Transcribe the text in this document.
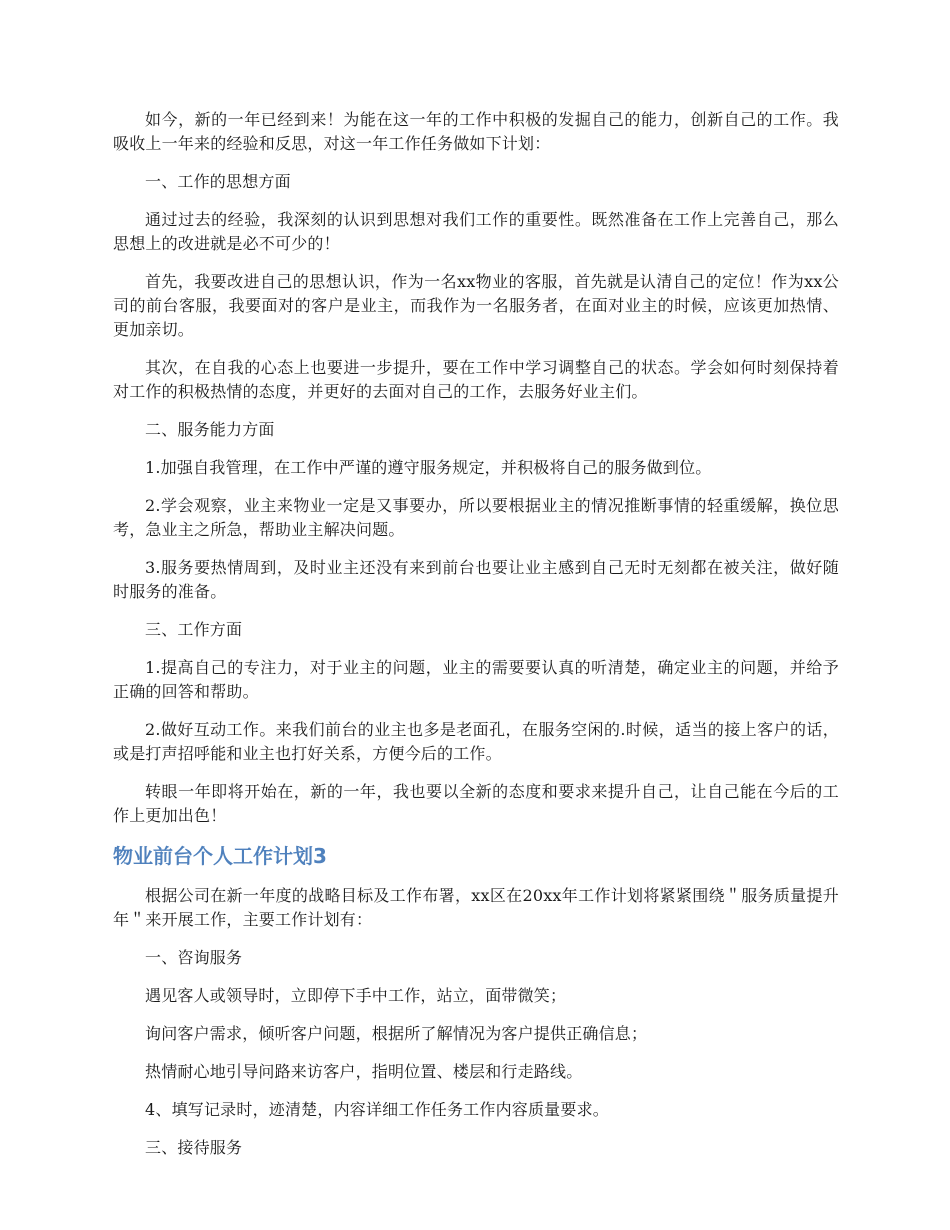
如今，新的一年已经到来！为能在这一年的工作中积极的发掘自己的能力，创新自己的工作。我吸收上一年来的经验和反思，对这一年工作任务做如下计划：

一、工作的思想方面

通过过去的经验，我深刻的认识到思想对我们工作的重要性。既然准备在工作上完善自己，那么思想上的改进就是必不可少的！

首先，我要改进自己的思想认识，作为一名xx物业的客服，首先就是认清自己的定位！作为xx公司的前台客服，我要面对的客户是业主，而我作为一名服务者，在面对业主的时候，应该更加热情、更加亲切。

其次，在自我的心态上也要进一步提升，要在工作中学习调整自己的状态。学会如何时刻保持着对工作的积极热情的态度，并更好的去面对自己的工作，去服务好业主们。

二、服务能力方面

1.加强自我管理，在工作中严谨的遵守服务规定，并积极将自己的服务做到位。

2.学会观察，业主来物业一定是又事要办，所以要根据业主的情况推断事情的轻重缓解，换位思考，急业主之所急，帮助业主解决问题。

3.服务要热情周到，及时业主还没有来到前台也要让业主感到自己无时无刻都在被关注，做好随时服务的准备。

三、工作方面

1.提高自己的专注力，对于业主的问题，业主的需要要认真的听清楚，确定业主的问题，并给予正确的回答和帮助。

2.做好互动工作。来我们前台的业主也多是老面孔，在服务空闲的.时候，适当的接上客户的话，或是打声招呼能和业主也打好关系，方便今后的工作。

转眼一年即将开始在，新的一年，我也要以全新的态度和要求来提升自己，让自己能在今后的工作上更加出色！

物业前台个人工作计划3

根据公司在新一年度的战略目标及工作布署，xx区在20xx年工作计划将紧紧围绕＂服务质量提升年＂来开展工作，主要工作计划有：

一、咨询服务

遇见客人或领导时，立即停下手中工作，站立，面带微笑；

询问客户需求，倾听客户问题，根据所了解情况为客户提供正确信息；

热情耐心地引导问路来访客户，指明位置、楼层和行走路线。

4、填写记录时，迹清楚，内容详细工作任务工作内容质量要求。

三、接待服务
